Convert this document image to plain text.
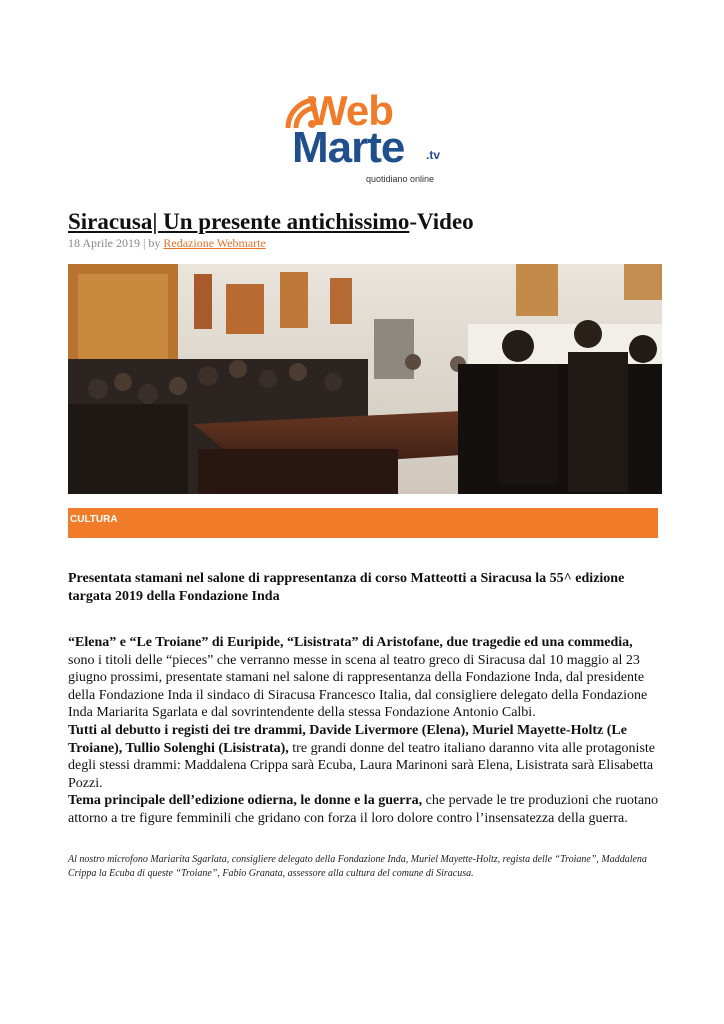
Web
Marte .tv
quotidiano online
Siracusa| Un presente antichissimo-Video
18 Aprile 2019 | by Redazione Webmarte
CULTURA
Presentata stamani nel salone di rappresentanza di corso Matteotti a Siracusa la 55^ edizione targata 2019 della Fondazione Inda

“Elena” e “Le Troiane” di Euripide, “Lisistrata” di Aristofane, due tragedie ed una commedia, sono i titoli delle “pieces” che verranno messe in scena al teatro greco di Siracusa dal 10 maggio al 23 giugno prossimi, presentate stamani nel salone di rappresentanza della Fondazione Inda, dal presidente della Fondazione Inda il sindaco di Siracusa Francesco Italia, dal consigliere delegato della Fondazione Inda Mariarita Sgarlata e dal sovrintendente della stessa Fondazione Antonio Calbi.

Tutti al debutto i registi dei tre drammi, Davide Livermore (Elena), Muriel Mayette-Holtz (Le Troiane), Tullio Solenghi (Lisistrata), tre grandi donne del teatro italiano daranno vita alle protagoniste degli stessi drammi: Maddalena Crippa sarà Ecuba, Laura Marinoni sarà Elena, Lisistrata sarà Elisabetta Pozzi.

Tema principale dell’edizione odierna, le donne e la guerra, che pervade le tre produzioni che ruotano attorno a tre figure femminili che gridano con forza il loro dolore contro l’insensatezza della guerra.

Al nostro microfono Mariarita Sgarlata, consigliere delegato della Fondazione Inda, Muriel Mayette-Holtz, regista delle “Troiane”, Maddalena Crippa la Ecuba di queste “Troiane”, Fabio Granata, assessore alla cultura del comune di Siracusa.
